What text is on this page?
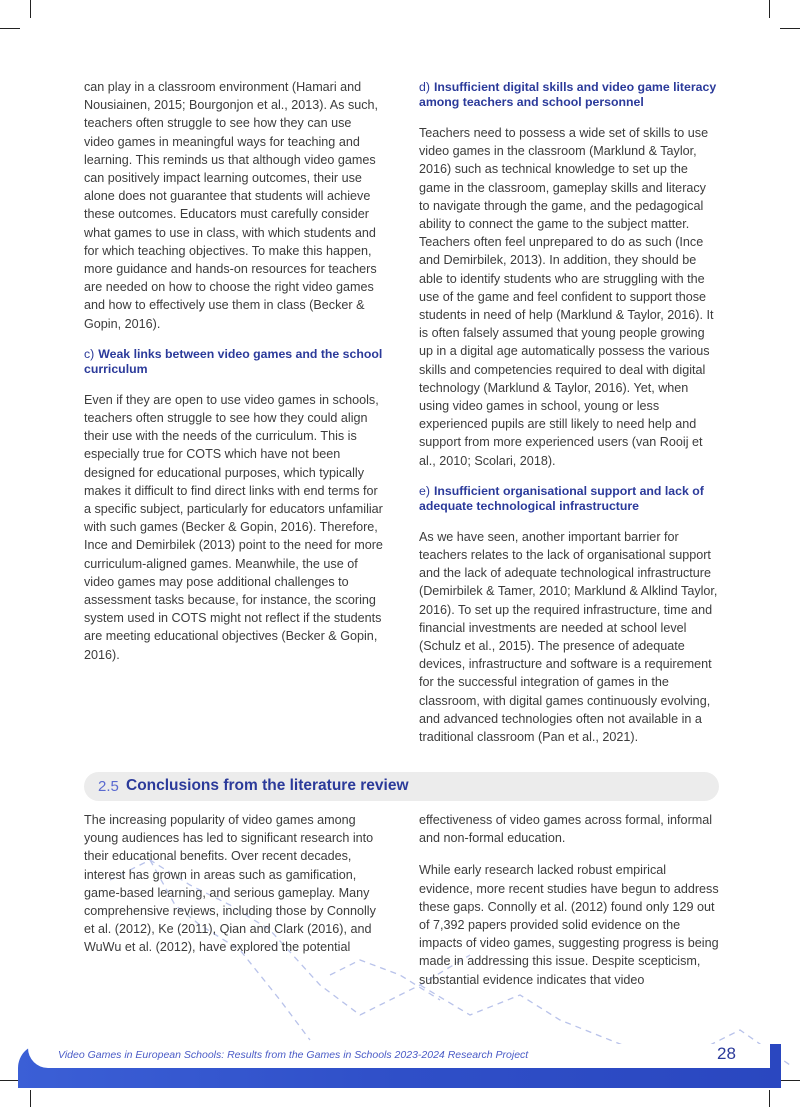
can play in a classroom environment (Hamari and Nousiainen, 2015; Bourgonjon et al., 2013). As such, teachers often struggle to see how they can use video games in meaningful ways for teaching and learning. This reminds us that although video games can positively impact learning outcomes, their use alone does not guarantee that students will achieve these outcomes. Educators must carefully consider what games to use in class, with which students and for which teaching objectives. To make this happen, more guidance and hands-on resources for teachers are needed on how to choose the right video games and how to effectively use them in class (Becker & Gopin, 2016).

c) Weak links between video games and the school curriculum

Even if they are open to use video games in schools, teachers often struggle to see how they could align their use with the needs of the curriculum. This is especially true for COTS which have not been designed for educational purposes, which typically makes it difficult to find direct links with end terms for a specific subject, particularly for educators unfamiliar with such games (Becker & Gopin, 2016). Therefore, Ince and Demirbilek (2013) point to the need for more curriculum-aligned games. Meanwhile, the use of video games may pose additional challenges to assessment tasks because, for instance, the scoring system used in COTS might not reflect if the students are meeting educational objectives (Becker & Gopin, 2016).

d) Insufficient digital skills and video game literacy among teachers and school personnel

Teachers need to possess a wide set of skills to use video games in the classroom (Marklund & Taylor, 2016) such as technical knowledge to set up the game in the classroom, gameplay skills and literacy to navigate through the game, and the pedagogical ability to connect the game to the subject matter. Teachers often feel unprepared to do as such (Ince and Demirbilek, 2013). In addition, they should be able to identify students who are struggling with the use of the game and feel confident to support those students in need of help (Marklund & Taylor, 2016). It is often falsely assumed that young people growing up in a digital age automatically possess the various skills and competencies required to deal with digital technology (Marklund & Taylor, 2016). Yet, when using video games in school, young or less experienced pupils are still likely to need help and support from more experienced users (van Rooij et al., 2010; Scolari, 2018).

e) Insufficient organisational support and lack of adequate technological infrastructure

As we have seen, another important barrier for teachers relates to the lack of organisational support and the lack of adequate technological infrastructure (Demirbilek & Tamer, 2010; Marklund & Alklind Taylor, 2016). To set up the required infrastructure, time and financial investments are needed at school level (Schulz et al., 2015). The presence of adequate devices, infrastructure and software is a requirement for the successful integration of games in the classroom, with digital games continuously evolving, and advanced technologies often not available in a traditional classroom (Pan et al., 2021).

2.5 Conclusions from the literature review

The increasing popularity of video games among young audiences has led to significant research into their educational benefits. Over recent decades, interest has grown in areas such as gamification, game-based learning, and serious gameplay. Many comprehensive reviews, including those by Connolly et al. (2012), Ke (2011), Qian and Clark (2016), and WuWu et al. (2012), have explored the potential

effectiveness of video games across formal, informal and non-formal education.

While early research lacked robust empirical evidence, more recent studies have begun to address these gaps. Connolly et al. (2012) found only 129 out of 7,392 papers provided solid evidence on the impacts of video games, suggesting progress is being made in addressing this issue. Despite scepticism, substantial evidence indicates that video

Video Games in European Schools: Results from the Games in Schools 2023-2024 Research Project	28
